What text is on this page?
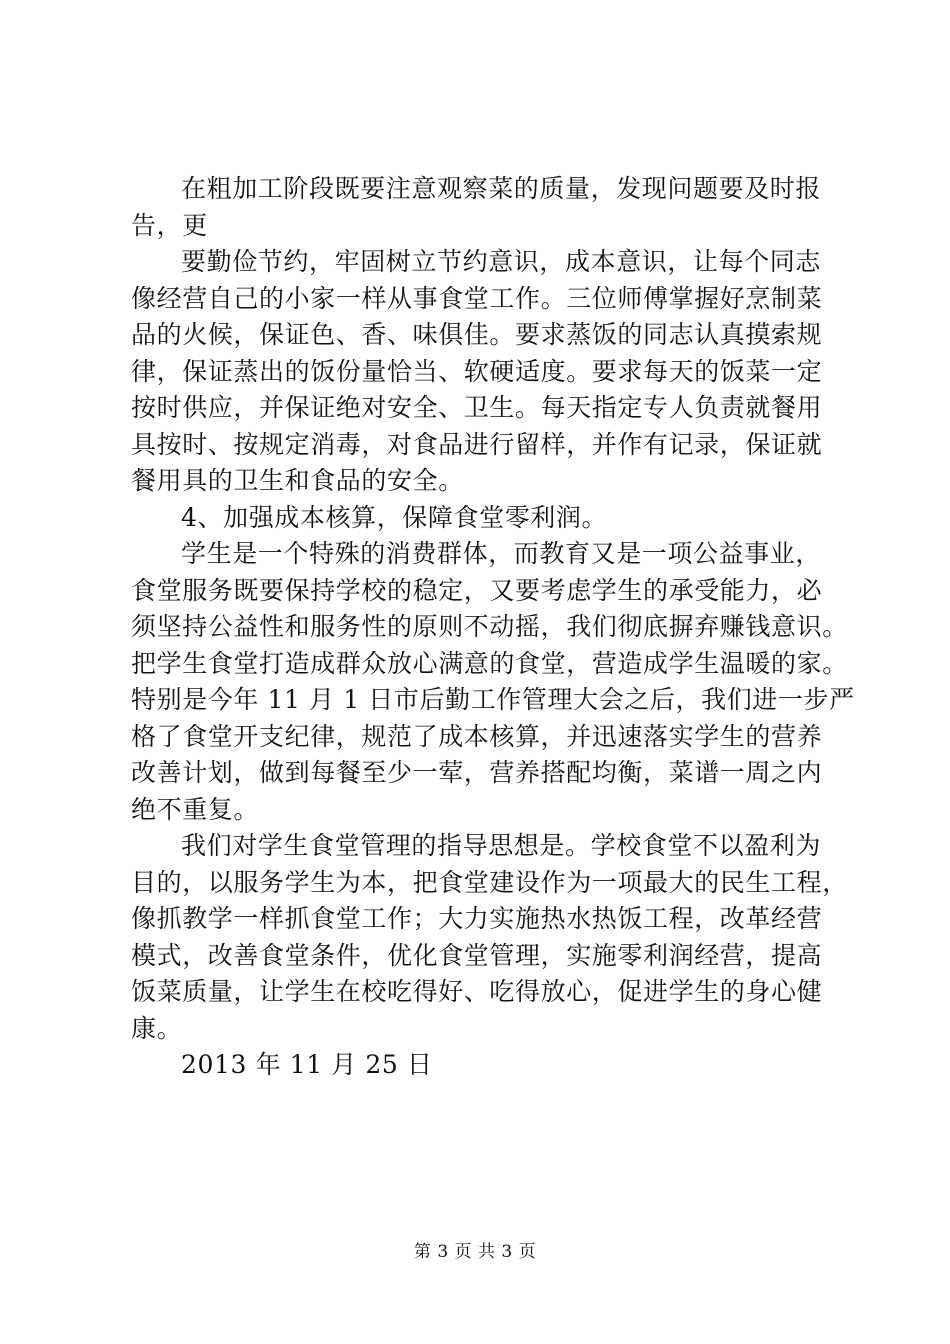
在粗加工阶段既要注意观察菜的质量，发现问题要及时报
告，更
要勤俭节约，牢固树立节约意识，成本意识，让每个同志
像经营自己的小家一样从事食堂工作。三位师傅掌握好烹制菜
品的火候，保证色、香、味俱佳。要求蒸饭的同志认真摸索规
律，保证蒸出的饭份量恰当、软硬适度。要求每天的饭菜一定
按时供应，并保证绝对安全、卫生。每天指定专人负责就餐用
具按时、按规定消毒，对食品进行留样，并作有记录，保证就
餐用具的卫生和食品的安全。
4、加强成本核算，保障食堂零利润。
学生是一个特殊的消费群体，而教育又是一项公益事业，
食堂服务既要保持学校的稳定，又要考虑学生的承受能力，必
须坚持公益性和服务性的原则不动摇，我们彻底摒弃赚钱意识。
把学生食堂打造成群众放心满意的食堂，营造成学生温暖的家。
特别是今年 11 月 1 日市后勤工作管理大会之后，我们进一步严
格了食堂开支纪律，规范了成本核算，并迅速落实学生的营养
改善计划，做到每餐至少一荤，营养搭配均衡，菜谱一周之内
绝不重复。
我们对学生食堂管理的指导思想是。学校食堂不以盈利为
目的，以服务学生为本，把食堂建设作为一项最大的民生工程，
像抓教学一样抓食堂工作；大力实施热水热饭工程，改革经营
模式，改善食堂条件，优化食堂管理，实施零利润经营，提高
饭菜质量，让学生在校吃得好、吃得放心，促进学生的身心健
康。
2013 年 11 月 25 日
第 3 页 共 3 页
